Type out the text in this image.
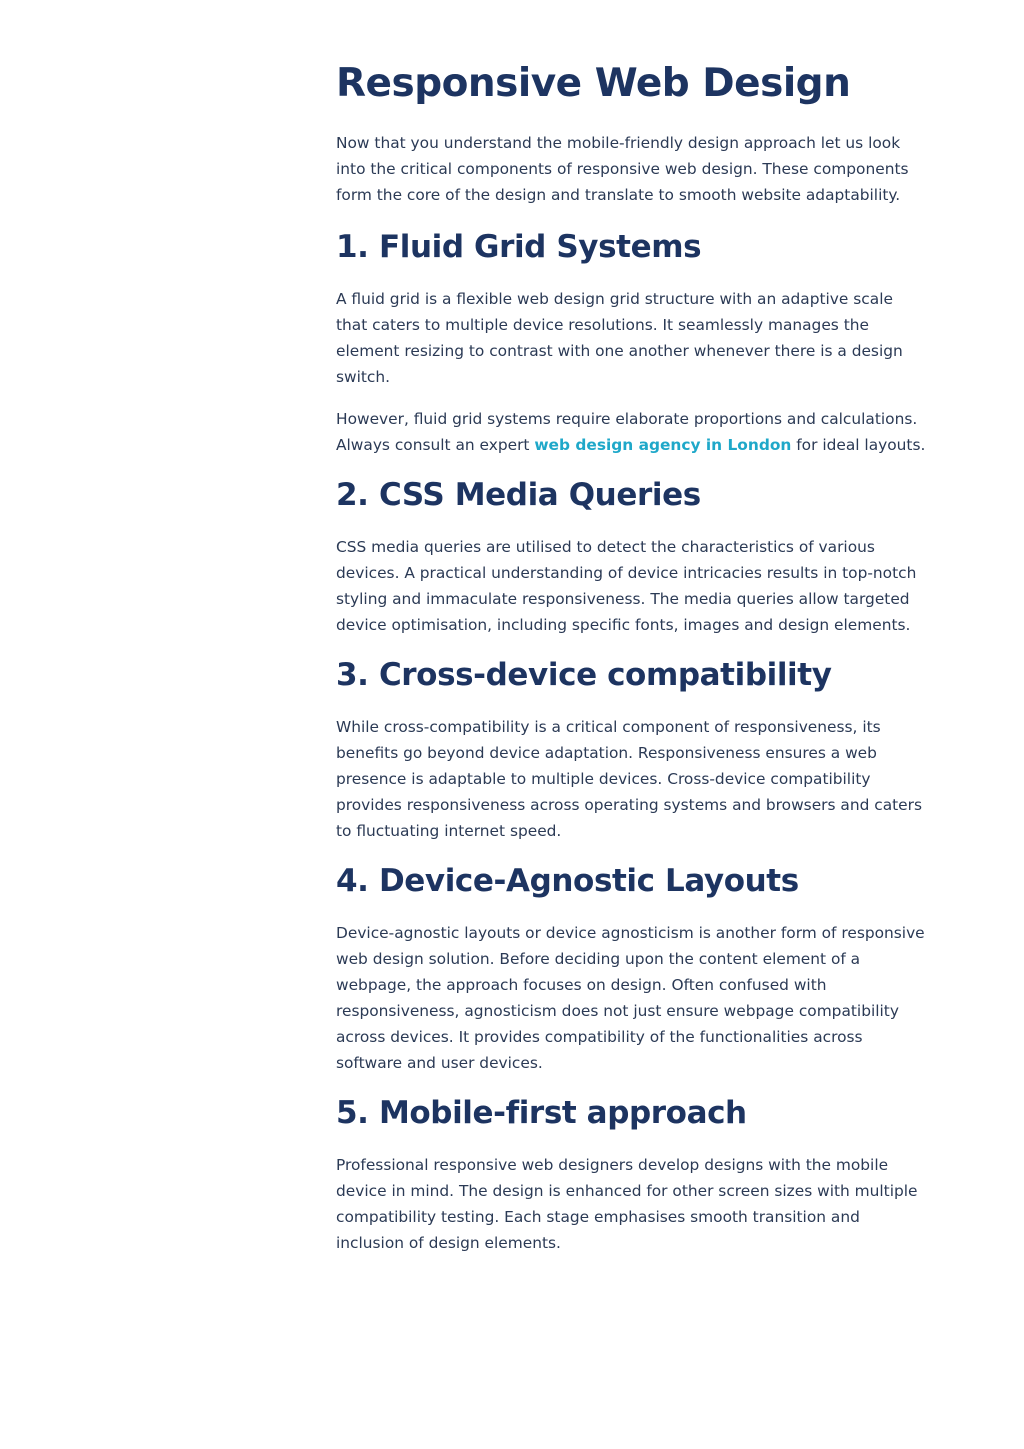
Responsive Web Design

Now that you understand the mobile-friendly design approach let us look into the critical components of responsive web design. These components form the core of the design and translate to smooth website adaptability.

1. Fluid Grid Systems

A fluid grid is a flexible web design grid structure with an adaptive scale that caters to multiple device resolutions. It seamlessly manages the element resizing to contrast with one another whenever there is a design switch.

However, fluid grid systems require elaborate proportions and calculations. Always consult an expert web design agency in London for ideal layouts.

2. CSS Media Queries

CSS media queries are utilised to detect the characteristics of various devices. A practical understanding of device intricacies results in top-notch styling and immaculate responsiveness. The media queries allow targeted device optimisation, including specific fonts, images and design elements.

3. Cross-device compatibility

While cross-compatibility is a critical component of responsiveness, its benefits go beyond device adaptation. Responsiveness ensures a web presence is adaptable to multiple devices. Cross-device compatibility provides responsiveness across operating systems and browsers and caters to fluctuating internet speed.

4. Device-Agnostic Layouts

Device-agnostic layouts or device agnosticism is another form of responsive web design solution. Before deciding upon the content element of a webpage, the approach focuses on design. Often confused with responsiveness, agnosticism does not just ensure webpage compatibility across devices. It provides compatibility of the functionalities across software and user devices.

5. Mobile-first approach

Professional responsive web designers develop designs with the mobile device in mind. The design is enhanced for other screen sizes with multiple compatibility testing. Each stage emphasises smooth transition and inclusion of design elements.
